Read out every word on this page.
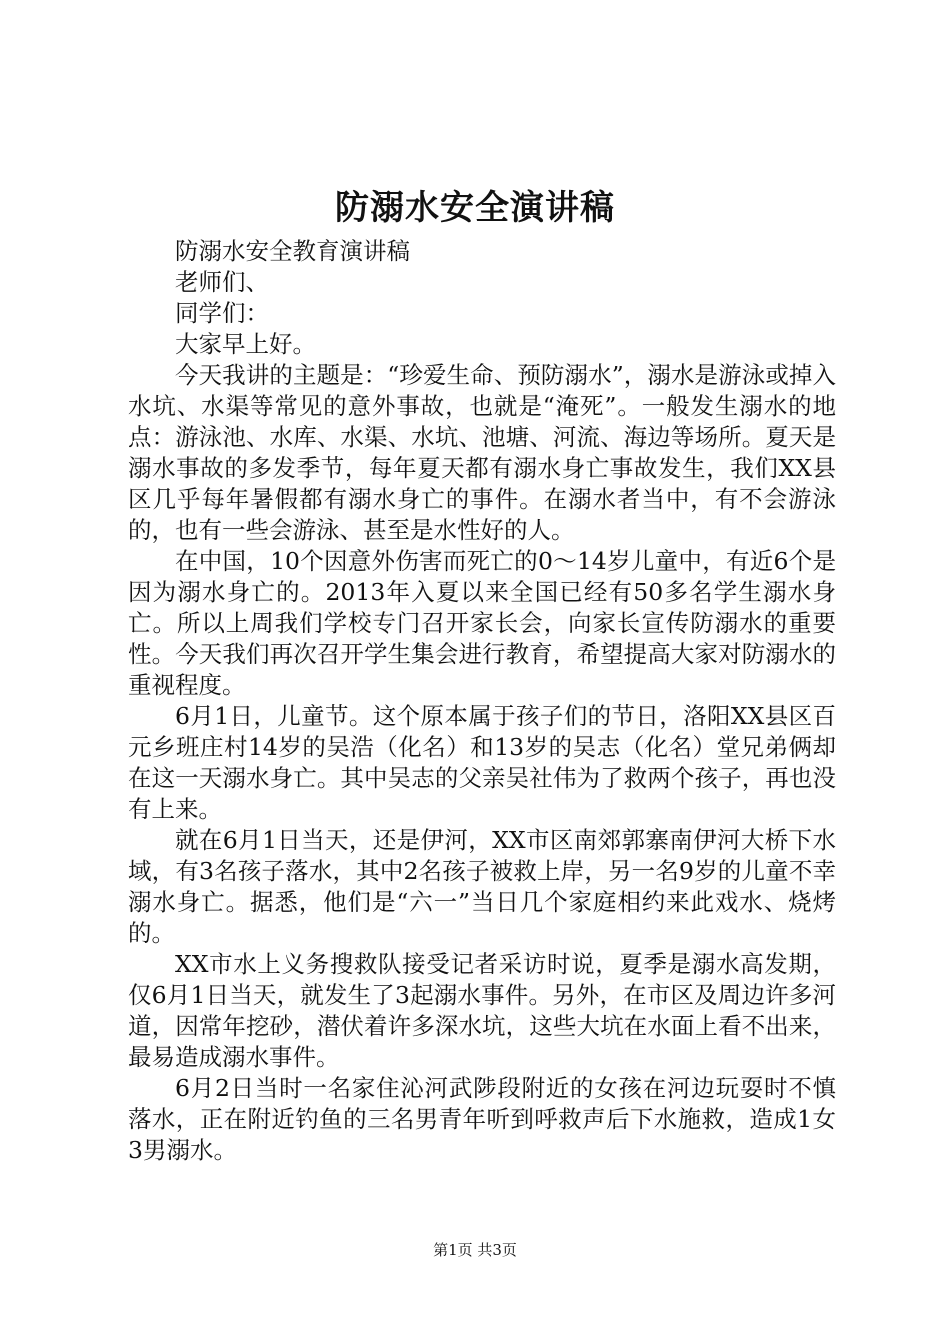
防溺水安全演讲稿

防溺水安全教育演讲稿

老师们、

同学们：

大家早上好。

今天我讲的主题是：“珍爱生命、预防溺水”，溺水是游泳或掉入水坑、水渠等常见的意外事故，也就是“淹死”。一般发生溺水的地点：游泳池、水库、水渠、水坑、池塘、河流、海边等场所。夏天是溺水事故的多发季节，每年夏天都有溺水身亡事故发生，我们XX县区几乎每年暑假都有溺水身亡的事件。在溺水者当中，有不会游泳的，也有一些会游泳、甚至是水性好的人。

在中国，10个因意外伤害而死亡的0～14岁儿童中，有近6个是因为溺水身亡的。2013年入夏以来全国已经有50多名学生溺水身亡。所以上周我们学校专门召开家长会，向家长宣传防溺水的重要性。今天我们再次召开学生集会进行教育，希望提高大家对防溺水的重视程度。

6月1日，儿童节。这个原本属于孩子们的节日，洛阳XX县区百元乡班庄村14岁的吴浩（化名）和13岁的吴志（化名）堂兄弟俩却在这一天溺水身亡。其中吴志的父亲吴社伟为了救两个孩子，再也没有上来。

就在6月1日当天，还是伊河，XX市区南郊郭寨南伊河大桥下水域，有3名孩子落水，其中2名孩子被救上岸，另一名9岁的儿童不幸溺水身亡。据悉，他们是“六一”当日几个家庭相约来此戏水、烧烤的。

XX市水上义务搜救队接受记者采访时说，夏季是溺水高发期，仅6月1日当天，就发生了3起溺水事件。另外，在市区及周边许多河道，因常年挖砂，潜伏着许多深水坑，这些大坑在水面上看不出来，最易造成溺水事件。

6月2日当时一名家住沁河武陟段附近的女孩在河边玩耍时不慎落水，正在附近钓鱼的三名男青年听到呼救声后下水施救，造成1女3男溺水。

第1页 共3页
